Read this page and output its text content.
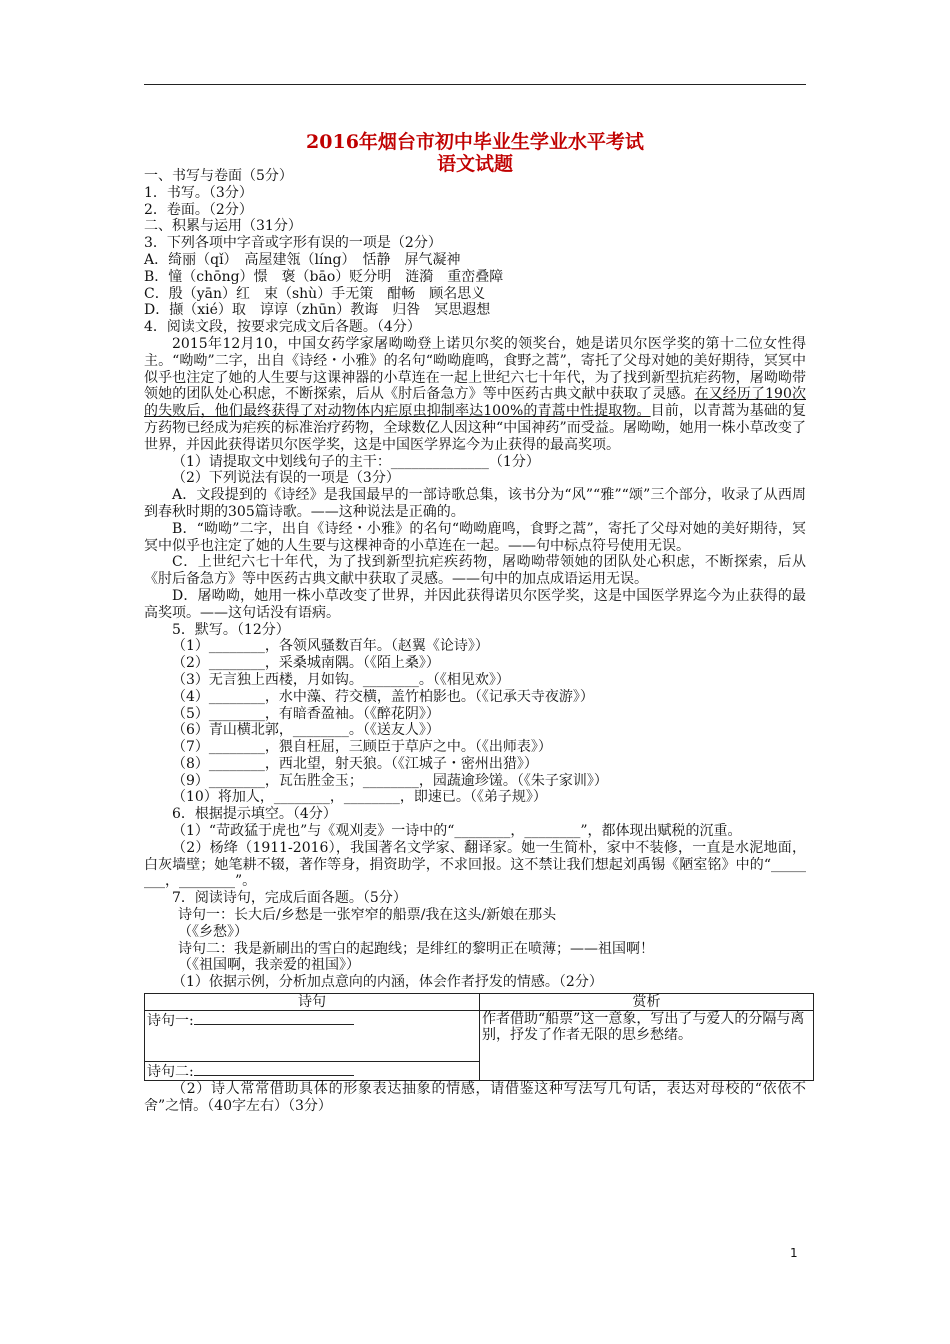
2016年烟台市初中毕业生学业水平考试
语文试题

一、书写与卷面（5分）

1．书写。（3分）

2．卷面。（2分）

二、积累与运用（31分）

3．下列各项中字音或字形有误的一项是（2分）

A．绮丽（qǐ）　高屋建瓴（líng）　恬静　屏气凝神

B．憧（chōng）憬　褒（bāo）贬分明　涟漪　重峦叠障

C．殷（yān）红　束（shù）手无策　酣畅　顾名思义

D．撷（xié）取　谆谆（zhūn）教诲　归咎　冥思遐想

4．阅读文段，按要求完成文后各题。（4分）

2015年12月10，中国女药学家屠呦呦登上诺贝尔奖的领奖台，她是诺贝尔医学奖的第十二位女性得主。“呦呦”二字，出自《诗经・小雅》的名句“呦呦鹿鸣，食野之蒿”，寄托了父母对她的美好期待，冥冥中似乎也注定了她的人生要与这课神器的小草连在一起上世纪六七十年代，为了找到新型抗疟药物，屠呦呦带领她的团队处心积虑，不断探索，后从《肘后备急方》等中医药古典文献中获取了灵感。在又经历了190次的失败后，他们最终获得了对动物体内疟原虫抑制率达100%的青蒿中性提取物。目前，以青蒿为基础的复方药物已经成为疟疾的标准治疗药物，全球数亿人因这种“中国神药”而受益。屠呦呦，她用一株小草改变了世界，并因此获得诺贝尔医学奖，这是中国医学界迄今为止获得的最高奖项。

（1）请提取文中划线句子的主干：______________（1分）

（2）下列说法有误的一项是（3分）

A．文段提到的《诗经》是我国最早的一部诗歌总集，该书分为“风”“雅”“颂”三个部分，收录了从西周到春秋时期的305篇诗歌。——这种说法是正确的。

B．“呦呦”二字，出自《诗经・小雅》的名句“呦呦鹿鸣，食野之蒿”，寄托了父母对她的美好期待，冥冥中似乎也注定了她的人生要与这棵神奇的小草连在一起。——句中标点符号使用无误。

C．上世纪六七十年代，为了找到新型抗疟疾药物，屠呦呦带领她的团队处心积虑，不断探索，后从《肘后备急方》等中医药古典文献中获取了灵感。——句中的加点成语运用无误。

D．屠呦呦，她用一株小草改变了世界，并因此获得诺贝尔医学奖，这是中国医学界迄今为止获得的最高奖项。——这句话没有语病。

5．默写。（12分）

（1）________，各领风骚数百年。（赵翼《论诗》）

（2）________，采桑城南隅。（《陌上桑》）

（3）无言独上西楼，月如钩。________。（《相见欢》）

（4）________，水中藻、荇交横，盖竹柏影也。（《记承天寺夜游》）

（5）________，有暗香盈袖。（《醉花阴》）

（6）青山横北郭，________。（《送友人》）

（7）________，猥自枉屈，三顾臣于草庐之中。（《出师表》）

（8）________，西北望，射天狼。（《江城子・密州出猎》）

（9）________，瓦缶胜金玉；________，园蔬逾珍馐。（《朱子家训》）

（10）将加人，________，________，即速已。（《弟子规》）

6．根据提示填空。（4分）

（1）“苛政猛于虎也”与《观刈麦》一诗中的“________，________”，都体现出赋税的沉重。

（2）杨绛（1911-2016），我国著名文学家、翻译家。她一生简朴，家中不装修，一直是水泥地面，白灰墙壁；她笔耕不辍，著作等身，捐资助学，不求回报。这不禁让我们想起刘禹锡《陋室铭》中的“________，________”。

7．阅读诗句，完成后面各题。（5分）

诗句一：长大后/乡愁是一张窄窄的船票/我在这头/新娘在那头

（《乡愁》）

诗句二：我是新刷出的雪白的起跑线；是绯红的黎明正在喷薄；——祖国啊！

（《祖国啊，我亲爱的祖国》）

（1）依据示例，分析加点意向的内涵，体会作者抒发的情感。（2分）

诗句	赏析
诗句一:	作者借助“船票”这一意象，写出了与爱人的分隔与离别，抒发了作者无限的思乡愁绪。
诗句二:	

（2）诗人常常借助具体的形象表达抽象的情感，请借鉴这种写法写几句话，表达对母校的“依依不舍”之情。（40字左右）（3分）

1
